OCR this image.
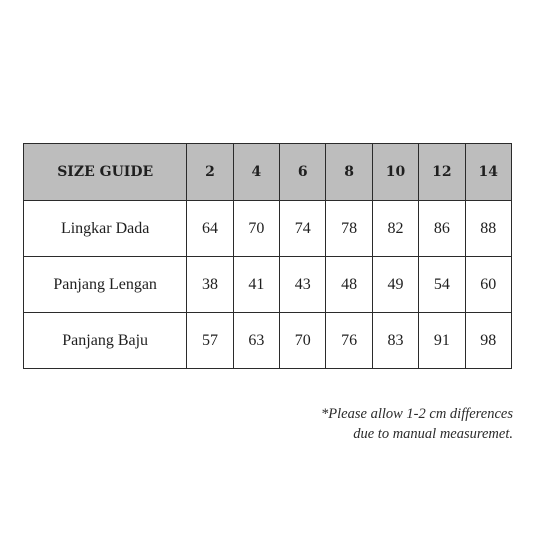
SIZE GUIDE	2	4	6	8	10	12	14
Lingkar Dada	64	70	74	78	82	86	88
Panjang Lengan	38	41	43	48	49	54	60
Panjang Baju	57	63	70	76	83	91	98
*Please allow 1-2 cm differences
due to manual measuremet.
